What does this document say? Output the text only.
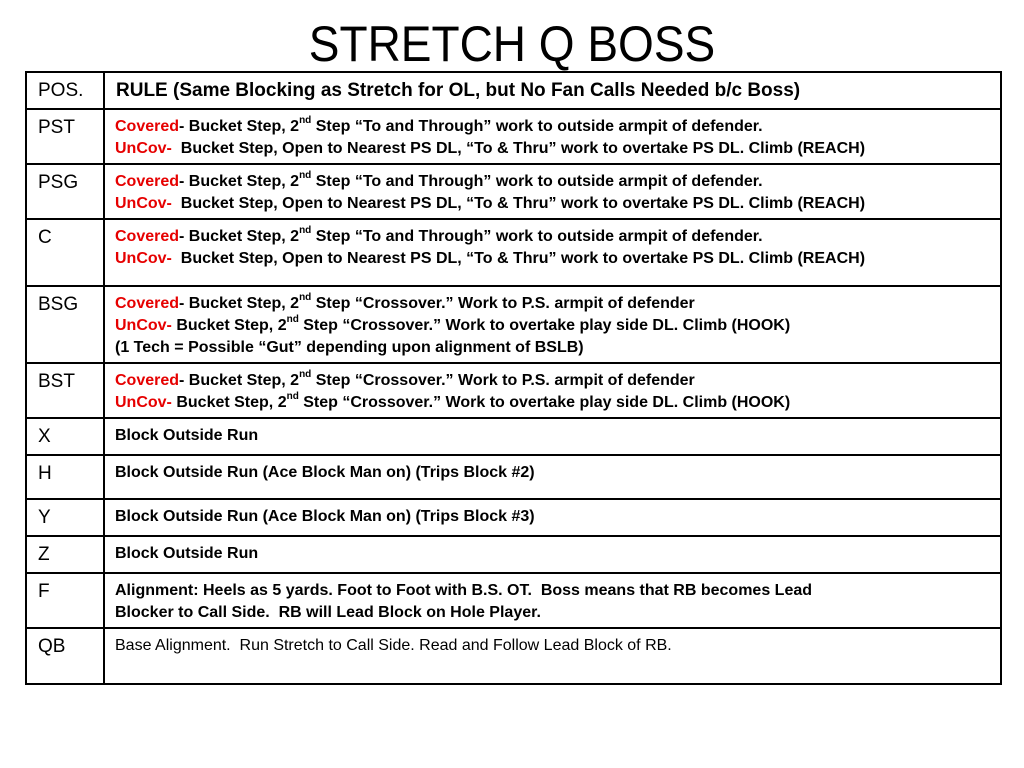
STRETCH Q BOSS
POS.	RULE (Same Blocking as Stretch for OL, but No Fan Calls Needed b/c Boss)
PST	Covered- Bucket Step, 2nd Step “To and Through” work to outside armpit of defender.
UnCov-  Bucket Step, Open to Nearest PS DL, “To & Thru” work to overtake PS DL. Climb (REACH)

PSG	Covered- Bucket Step, 2nd Step “To and Through” work to outside armpit of defender.
UnCov-  Bucket Step, Open to Nearest PS DL, “To & Thru” work to overtake PS DL. Climb (REACH)

C	Covered- Bucket Step, 2nd Step “To and Through” work to outside armpit of defender.
UnCov-  Bucket Step, Open to Nearest PS DL, “To & Thru” work to overtake PS DL. Climb (REACH)

BSG	Covered- Bucket Step, 2nd Step “Crossover.” Work to P.S. armpit of defender
UnCov- Bucket Step, 2nd Step “Crossover.” Work to overtake play side DL. Climb (HOOK)
(1 Tech = Possible “Gut” depending upon alignment of BSLB)

BST	Covered- Bucket Step, 2nd Step “Crossover.” Work to P.S. armpit of defender
UnCov- Bucket Step, 2nd Step “Crossover.” Work to overtake play side DL. Climb (HOOK)

X	Block Outside Run
H	Block Outside Run (Ace Block Man on) (Trips Block #2)
Y	Block Outside Run (Ace Block Man on) (Trips Block #3)
Z	Block Outside Run
F	Alignment: Heels as 5 yards. Foot to Foot with B.S. OT.  Boss means that RB becomes Lead
Blocker to Call Side.  RB will Lead Block on Hole Player.

QB	Base Alignment.  Run Stretch to Call Side. Read and Follow Lead Block of RB.
